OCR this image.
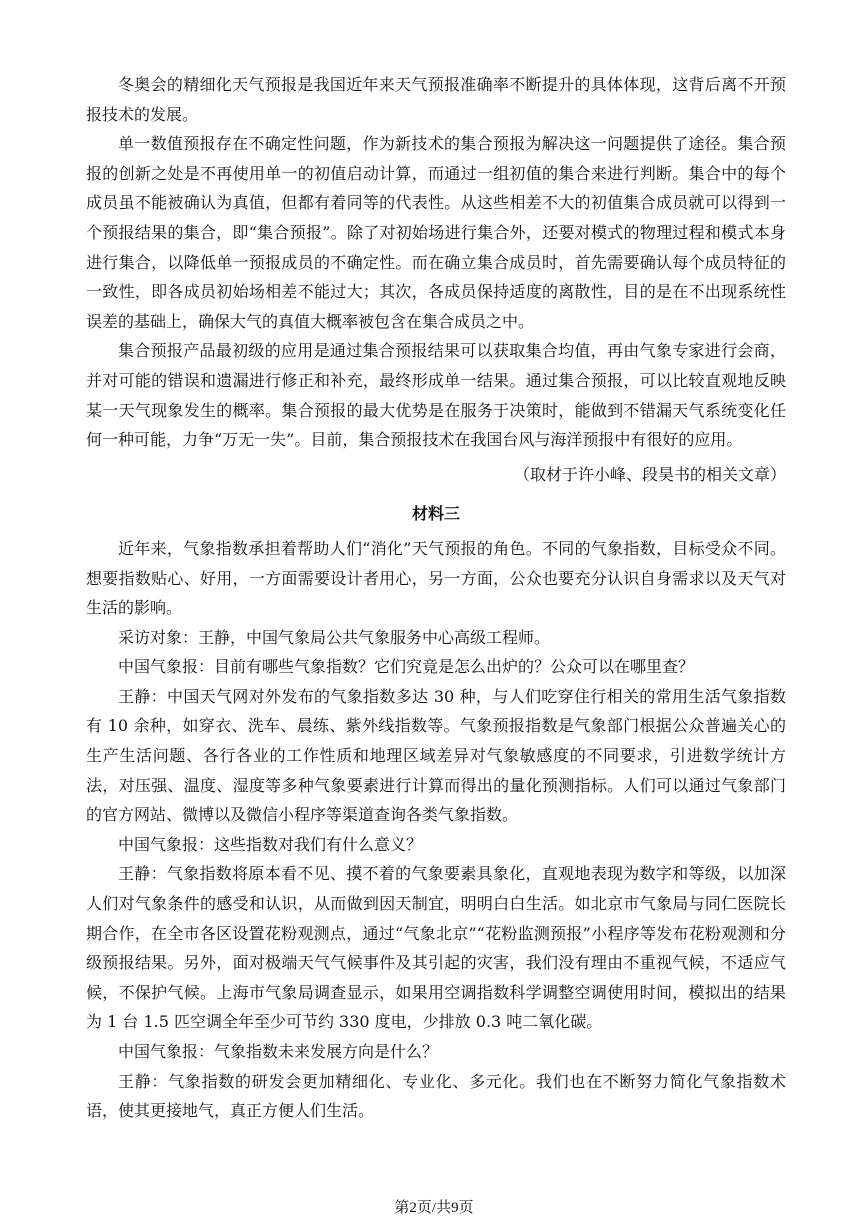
冬奥会的精细化天气预报是我国近年来天气预报准确率不断提升的具体体现，这背后离不开预报技术的发展。

单一数值预报存在不确定性问题，作为新技术的集合预报为解决这一问题提供了途径。集合预报的创新之处是不再使用单一的初值启动计算，而通过一组初值的集合来进行判断。集合中的每个成员虽不能被确认为真值，但都有着同等的代表性。从这些相差不大的初值集合成员就可以得到一个预报结果的集合，即“集合预报”。除了对初始场进行集合外，还要对模式的物理过程和模式本身进行集合，以降低单一预报成员的不确定性。而在确立集合成员时，首先需要确认每个成员特征的一致性，即各成员初始场相差不能过大；其次，各成员保持适度的离散性，目的是在不出现系统性误差的基础上，确保大气的真值大概率被包含在集合成员之中。

集合预报产品最初级的应用是通过集合预报结果可以获取集合均值，再由气象专家进行会商，并对可能的错误和遗漏进行修正和补充，最终形成单一结果。通过集合预报，可以比较直观地反映某一天气现象发生的概率。集合预报的最大优势是在服务于决策时，能做到不错漏天气系统变化任何一种可能，力争“万无一失”。目前，集合预报技术在我国台风与海洋预报中有很好的应用。

（取材于许小峰、段昊书的相关文章）

材料三

近年来，气象指数承担着帮助人们“消化”天气预报的角色。不同的气象指数，目标受众不同。想要指数贴心、好用，一方面需要设计者用心，另一方面，公众也要充分认识自身需求以及天气对生活的影响。

采访对象：王静，中国气象局公共气象服务中心高级工程师。

中国气象报：目前有哪些气象指数？它们究竟是怎么出炉的？公众可以在哪里查？

王静：中国天气网对外发布的气象指数多达 30 种，与人们吃穿住行相关的常用生活气象指数有 10 余种，如穿衣、洗车、晨练、紫外线指数等。气象预报指数是气象部门根据公众普遍关心的生产生活问题、各行各业的工作性质和地理区域差异对气象敏感度的不同要求，引进数学统计方法，对压强、温度、湿度等多种气象要素进行计算而得出的量化预测指标。人们可以通过气象部门的官方网站、微博以及微信小程序等渠道查询各类气象指数。

中国气象报：这些指数对我们有什么意义？

王静：气象指数将原本看不见、摸不着的气象要素具象化，直观地表现为数字和等级，以加深人们对气象条件的感受和认识，从而做到因天制宜，明明白白生活。如北京市气象局与同仁医院长期合作，在全市各区设置花粉观测点，通过“气象北京”“花粉监测预报”小程序等发布花粉观测和分级预报结果。另外，面对极端天气气候事件及其引起的灾害，我们没有理由不重视气候，不适应气候，不保护气候。上海市气象局调查显示，如果用空调指数科学调整空调使用时间，模拟出的结果为 1 台 1.5 匹空调全年至少可节约 330 度电，少排放 0.3 吨二氧化碳。

中国气象报：气象指数未来发展方向是什么？

王静：气象指数的研发会更加精细化、专业化、多元化。我们也在不断努力简化气象指数术语，使其更接地气，真正方便人们生活。

第2页/共9页
